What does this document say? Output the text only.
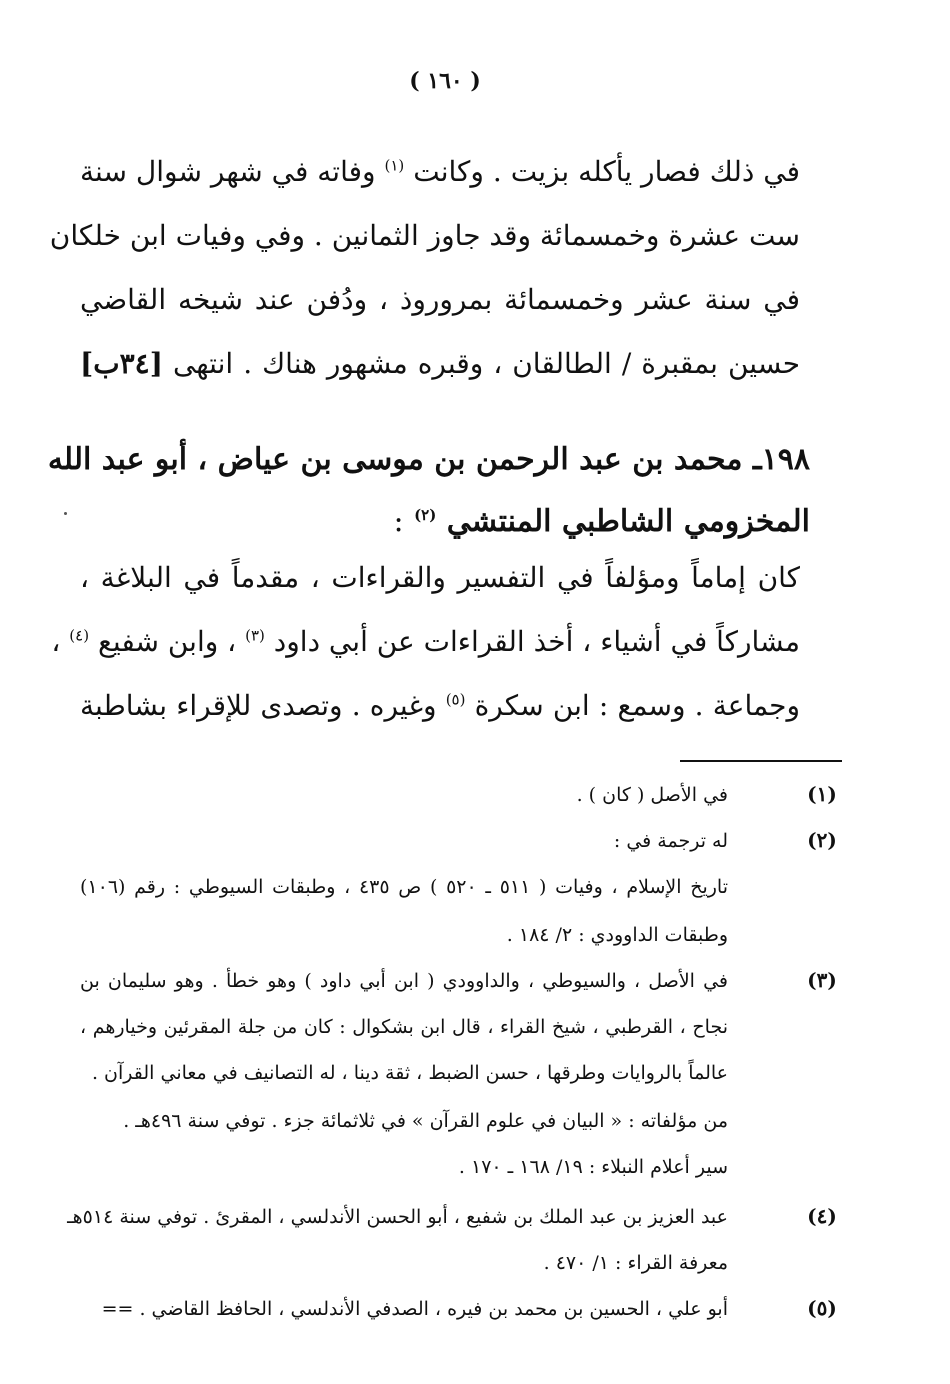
( ١٦٠ )
في ذلك فصار يأكله بزيت . وكانت $^{(١)}$ وفاته في شهر شوال سنة
ست عشرة وخمسمائة وقد جاوز الثمانين . وفي وفيات ابن خلكان
في سنة عشر وخمسمائة بمروروذ ، ودُفن عند شيخه القاضي
حسين بمقبرة / الطالقان ، وقبره مشهور هناك . انتهى [٣٤ب]
١٩٨ـ محمد بن عبد الرحمن بن موسى بن عياض ، أبو عبد الله
المخزومي الشاطبي المنتشي $^{(٢)}$ :
كان إماماً ومؤلفاً في التفسير والقراءات ، مقدماً في البلاغة ،
مشاركاً في أشياء ، أخذ القراءات عن أبي داود $^{(٣)}$ ، وابن شفيع $^{(٤)}$ ،
وجماعة . وسمع : ابن سكرة $^{(٥)}$ وغيره . وتصدى للإقراء بشاطبة
(١)
في الأصل ( كان ) .
(٢)
له ترجمة في :
تاريخ الإسلام ، وفيات ( ٥١١ ـ ٥٢٠ ) ص ٤٣٥ ، وطبقات السيوطي : رقم (١٠٦)
وطبقات الداوودي : ٢/ ١٨٤ .
(٣)
في الأصل ، والسيوطي ، والداوودي ( ابن أبي داود ) وهو خطأ . وهو سليمان بن
نجاح ، القرطبي ، شيخ القراء ، قال ابن بشكوال : كان من جلة المقرئين وخيارهم ،
عالماً بالروايات وطرقها ، حسن الضبط ، ثقة دينا ، له التصانيف في معاني القرآن .
من مؤلفاته : « البيان في علوم القرآن » في ثلاثمائة جزء . توفي سنة ٤٩٦هـ .
سير أعلام النبلاء : ١٩/ ١٦٨ ـ ١٧٠ .
(٤)
عبد العزيز بن عبد الملك بن شفيع ، أبو الحسن الأندلسي ، المقرئ . توفي سنة ٥١٤هـ
معرفة القراء : ١/ ٤٧٠ .
(٥)
أبو علي ، الحسين بن محمد بن فيره ، الصدفي الأندلسي ، الحافظ القاضي . ==
